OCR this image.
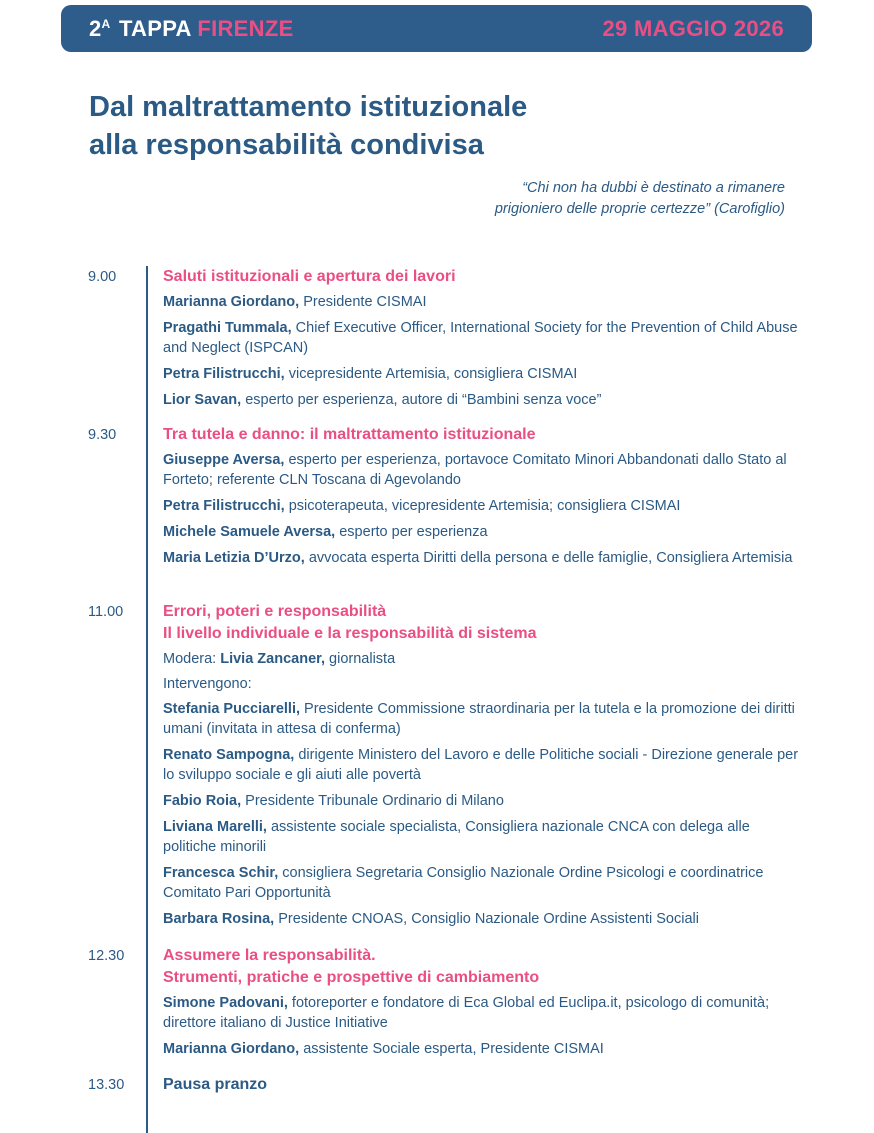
$2^A$ TAPPA FIRENZE	29 MAGGIO 2026
Dal maltrattamento istituzionale
alla responsabilità condivisa
“Chi non ha dubbi è destinato a rimanere
prigioniero delle proprie certezze” (Carofiglio)
9.00	Saluti istituzionali e apertura dei lavori
Marianna Giordano, Presidente CISMAI
Pragathi Tummala, Chief Executive Officer, International Society for the Prevention of Child Abuse and Neglect (ISPCAN)
Petra Filistrucchi, vicepresidente Artemisia, consigliera CISMAI
Lior Savan, esperto per esperienza, autore di “Bambini senza voce”
9.30	Tra tutela e danno: il maltrattamento istituzionale
Giuseppe Aversa, esperto per esperienza, portavoce Comitato Minori Abbandonati dallo Stato al Forteto; referente CLN Toscana di Agevolando
Petra Filistrucchi, psicoterapeuta, vicepresidente Artemisia; consigliera CISMAI
Michele Samuele Aversa, esperto per esperienza
Maria Letizia D’Urzo, avvocata esperta Diritti della persona e delle famiglie, Consigliera Artemisia
11.00 Errori, poteri e responsabilità
Il livello individuale e la responsabilità di sistema
Modera: Livia Zancaner, giornalista
Intervengono:
Stefania Pucciarelli, Presidente Commissione straordinaria per la tutela e la promozione dei diritti umani (invitata in attesa di conferma)
Renato Sampogna, dirigente Ministero del Lavoro e delle Politiche sociali - Direzione generale per lo sviluppo sociale e gli aiuti alle povertà
Fabio Roia, Presidente Tribunale Ordinario di Milano
Liviana Marelli, assistente sociale specialista, Consigliera nazionale CNCA con delega alle politiche minorili
Francesca Schir, consigliera Segretaria Consiglio Nazionale Ordine Psicologi e coordinatrice Comitato Pari Opportunità
Barbara Rosina, Presidente CNOAS, Consiglio Nazionale Ordine Assistenti Sociali
12.30 Assumere la responsabilità.
Strumenti, pratiche e prospettive di cambiamento
Simone Padovani, fotoreporter e fondatore di Eca Global ed Euclipa.it, psicologo di comunità; direttore italiano di Justice Initiative
Marianna Giordano, assistente Sociale esperta, Presidente CISMAI
13.30 Pausa pranzo
